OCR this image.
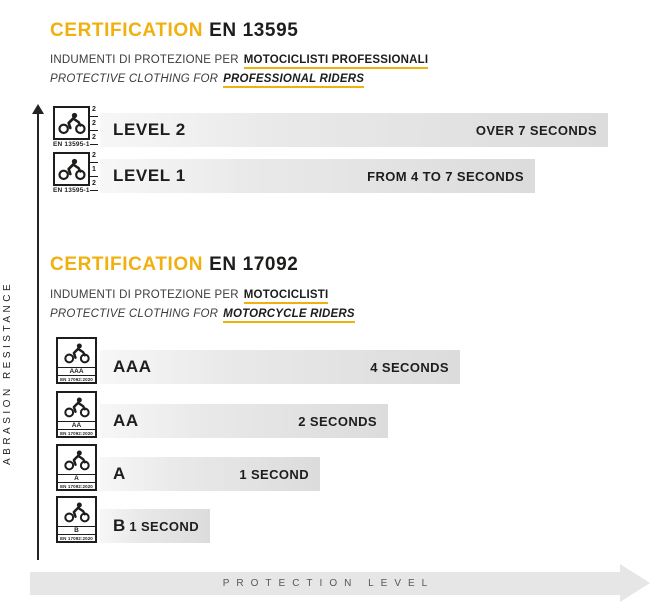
CERTIFICATION EN 13595
INDUMENTI DI PROTEZIONE PER MOTOCICLISTI PROFESSIONALI
PROTECTIVE CLOTHING FOR PROFESSIONAL RIDERS
2
2
2
EN 13595-1
LEVEL 2	OVER 7 SECONDS
2
1
2
EN 13595-1
LEVEL 1	FROM 4 TO 7 SECONDS
CERTIFICATION EN 17092
INDUMENTI DI PROTEZIONE PER MOTOCICLISTI
PROTECTIVE CLOTHING FOR MOTORCYCLE RIDERS
AAA
EN 17092:2020
AAA	4 SECONDS
AA
EN 17092:2020
AA	2 SECONDS
A
EN 17092:2020
A	1 SECOND
B
EN 17092:2020
B 1 SECOND
ABRASION RESISTANCE
PROTECTION LEVEL
